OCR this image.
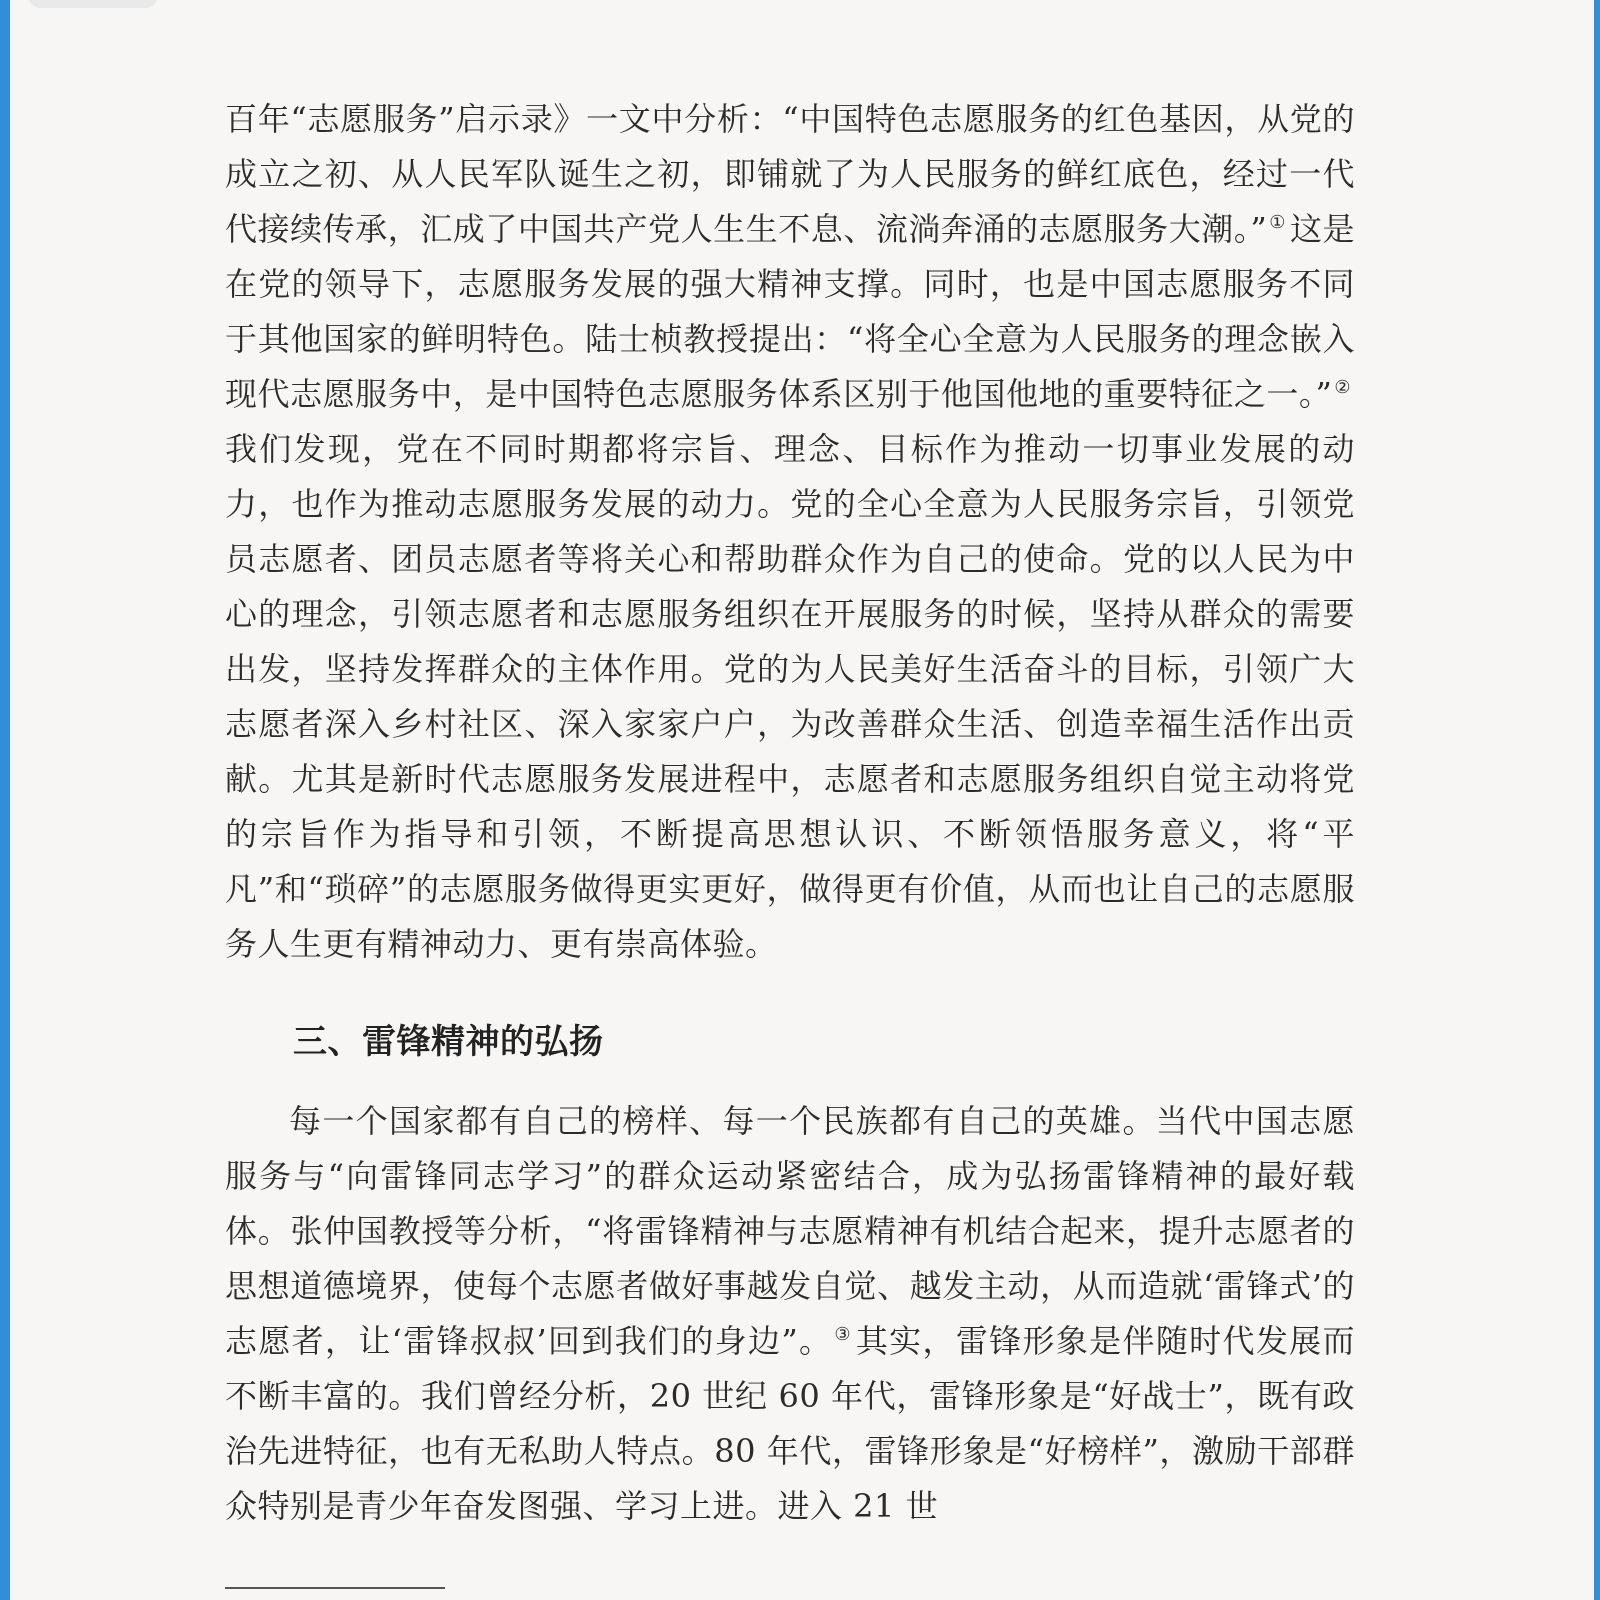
百年“志愿服务”启示录》一文中分析：“中国特色志愿服务的红色基因，从党的成立之初、从人民军队诞生之初，即铺就了为人民服务的鲜红底色，经过一代代接续传承，汇成了中国共产党人生生不息、流淌奔涌的志愿服务大潮。” ① 这是在党的领导下，志愿服务发展的强大精神支撑。同时，也是中国志愿服务不同于其他国家的鲜明特色。陆士桢教授提出：“将全心全意为人民服务的理念嵌入现代志愿服务中，是中国特色志愿服务体系区别于他国他地的重要特征之一。” ②我们发现，党在不同时期都将宗旨、理念、目标作为推动一切事业发展的动力，也作为推动志愿服务发展的动力。党的全心全意为人民服务宗旨，引领党员志愿者、团员志愿者等将关心和帮助群众作为自己的使命。党的以人民为中心的理念，引领志愿者和志愿服务组织在开展服务的时候，坚持从群众的需要出发，坚持发挥群众的主体作用。党的为人民美好生活奋斗的目标，引领广大志愿者深入乡村社区、深入家家户户，为改善群众生活、创造幸福生活作出贡献。尤其是新时代志愿服务发展进程中，志愿者和志愿服务组织自觉主动将党的宗旨作为指导和引领，不断提高思想认识、不断领悟服务意义，将“平凡”和“琐碎”的志愿服务做得更实更好，做得更有价值，从而也让自己的志愿服务人生更有精神动力、更有崇高体验。

三、雷锋精神的弘扬

每一个国家都有自己的榜样、每一个民族都有自己的英雄。当代中国志愿服务与“向雷锋同志学习”的群众运动紧密结合，成为弘扬雷锋精神的最好载体。张仲国教授等分析，“将雷锋精神与志愿精神有机结合起来，提升志愿者的思想道德境界，使每个志愿者做好事越发自觉、越发主动，从而造就‘雷锋式’的志愿者，让‘雷锋叔叔’回到我们的身边”。 ③ 其实，雷锋形象是伴随时代发展而不断丰富的。我们曾经分析，20 世纪 60 年代，雷锋形象是“好战士”，既有政治先进特征，也有无私助人特点。80 年代，雷锋形象是“好榜样”，激励干部群众特别是青少年奋发图强、学习上进。进入 21 世
